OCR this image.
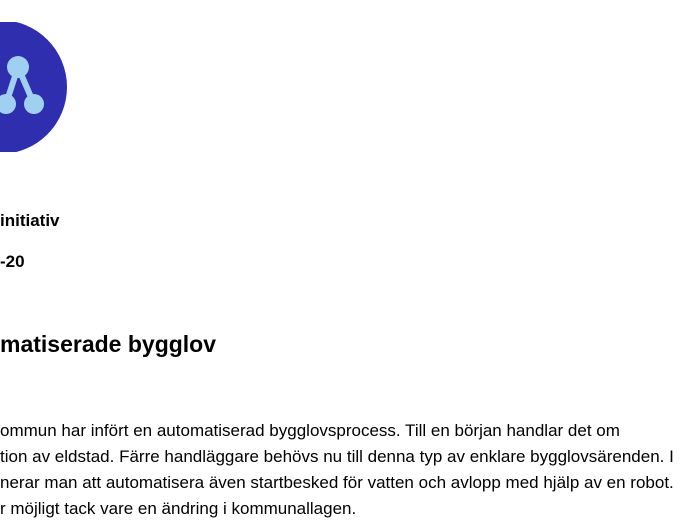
initiativ
-20
matiserade bygglov
ommun har infört en automatiserad bygglovsprocess. Till en början handlar det om
tion av eldstad. Färre handläggare behövs nu till denna typ av enklare bygglovsärenden. I
nerar man att automatisera även startbesked för vatten och avlopp med hjälp av en robot.
r möjligt tack vare en ändring i kommunallagen.
